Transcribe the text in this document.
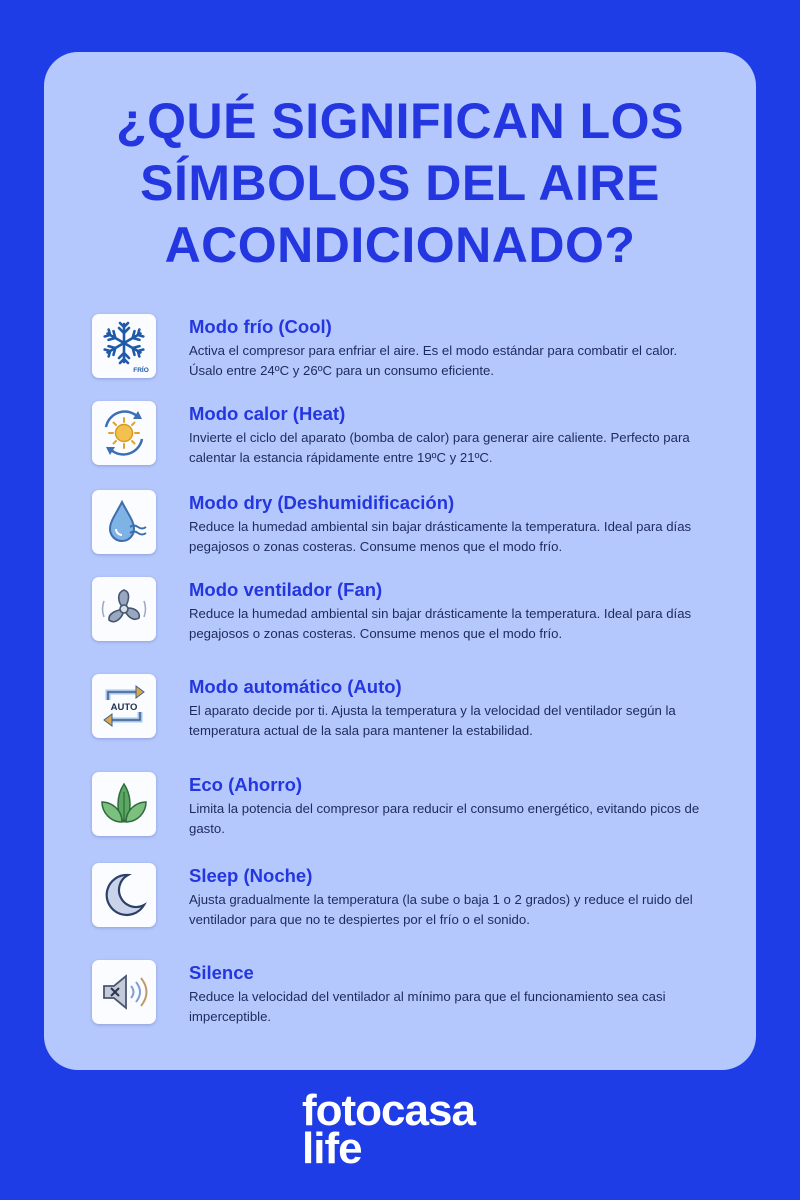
¿QUÉ SIGNIFICAN LOS
SÍMBOLOS DEL AIRE
ACONDICIONADO?
FRÍO
Modo frío (Cool)
Activa el compresor para enfriar el aire. Es el modo estándar para combatir el calor. Úsalo entre 24ºC y 26ºC para un consumo eficiente.
Modo calor (Heat)
Invierte el ciclo del aparato (bomba de calor) para generar aire caliente. Perfecto para calentar la estancia rápidamente entre 19ºC y 21ºC.
Modo dry (Deshumidificación)
Reduce la humedad ambiental sin bajar drásticamente la temperatura. Ideal para días pegajosos o zonas costeras. Consume menos que el modo frío.
Modo ventilador (Fan)
Reduce la humedad ambiental sin bajar drásticamente la temperatura. Ideal para días pegajosos o zonas costeras. Consume menos que el modo frío.
AUTO
Modo automático (Auto)
El aparato decide por ti. Ajusta la temperatura y la velocidad del ventilador según la temperatura actual de la sala para mantener la estabilidad.
Eco (Ahorro)
Limita la potencia del compresor para reducir el consumo energético, evitando picos de gasto.
Sleep (Noche)
Ajusta gradualmente la temperatura (la sube o baja 1 o 2 grados) y reduce el ruido del ventilador para que no te despiertes por el frío o el sonido.
Silence
Reduce la velocidad del ventilador al mínimo para que el funcionamiento sea casi imperceptible.
fotocasa
life
